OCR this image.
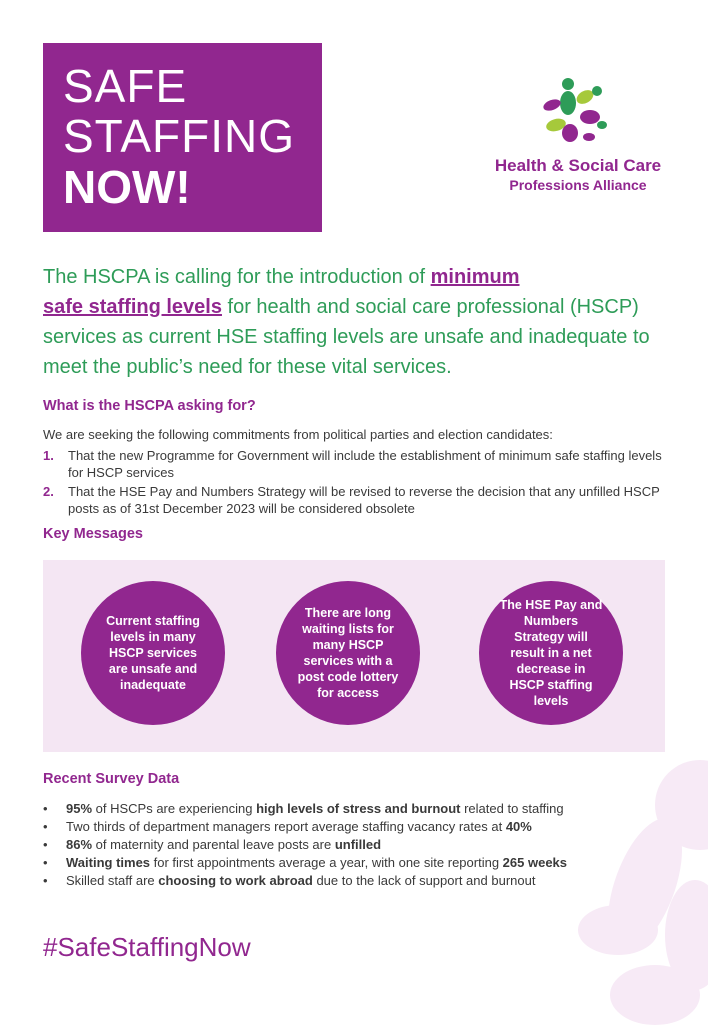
SAFE
STAFFING
NOW!	Health & Social Care
Professions Alliance
The HSCPA is calling for the introduction of minimum
safe staffing levels for health and social care professional (HSCP) services as current HSE staffing levels are unsafe and inadequate to meet the public’s need for these vital services.
What is the HSCPA asking for?
We are seeking the following commitments from political parties and election candidates:
1. That the new Programme for Government will include the establishment of minimum safe staffing levels for HSCP services
2. That the HSE Pay and Numbers Strategy will be revised to reverse the decision that any unfilled HSCP posts as of 31st December 2023 will be considered obsolete
Key Messages
Current staffing levels in many HSCP services are unsafe and inadequate
There are long waiting lists for many HSCP services with a post code lottery for access
The HSE Pay and Numbers Strategy will result in a net decrease in HSCP staffing levels
Recent Survey Data
• 95% of HSCPs are experiencing high levels of stress and burnout related to staffing
• Two thirds of department managers report average staffing vacancy rates at 40%
• 86% of maternity and parental leave posts are unfilled
• Waiting times for first appointments average a year, with one site reporting 265 weeks
• Skilled staff are choosing to work abroad due to the lack of support and burnout
#SafeStaffingNow
